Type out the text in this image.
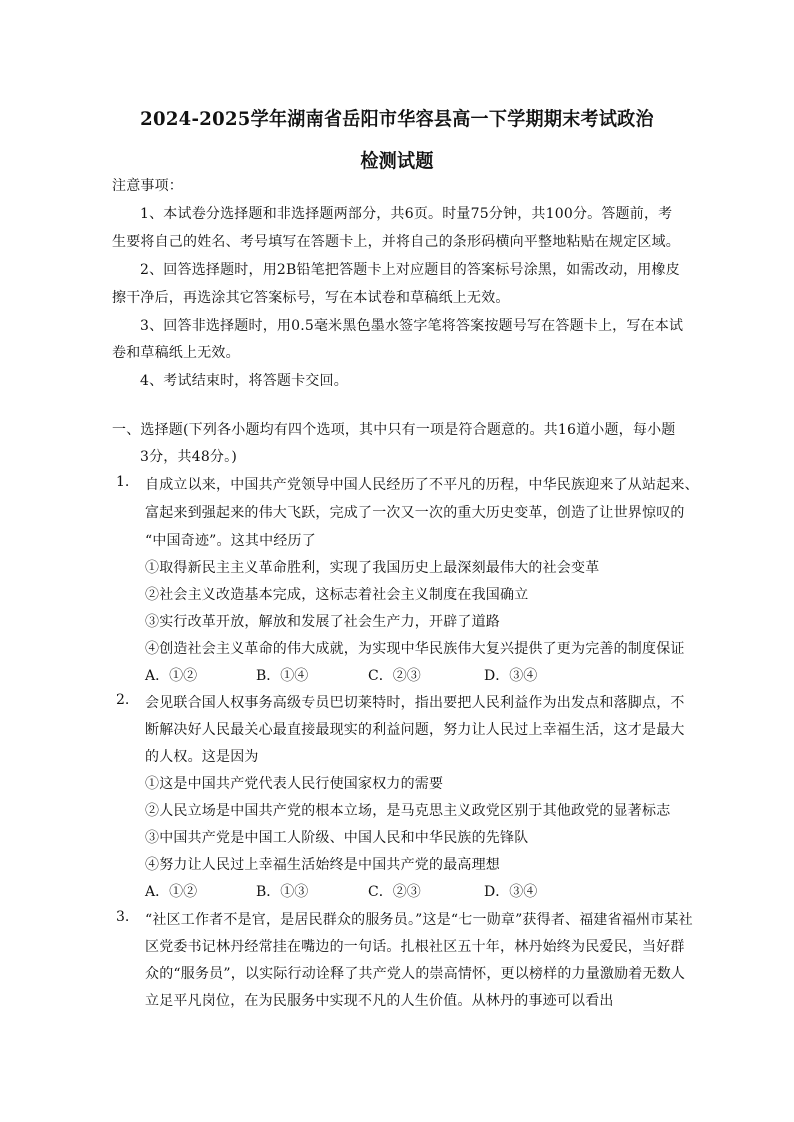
2024-2025学年湖南省岳阳市华容县高一下学期期末考试政治
检测试题
注意事项：
1、本试卷分选择题和非选择题两部分，共6页。时量75分钟，共100分。答题前，考
生要将自己的姓名、考号填写在答题卡上，并将自己的条形码横向平整地粘贴在规定区域。
2、回答选择题时，用2B铅笔把答题卡上对应题目的答案标号涂黑，如需改动，用橡皮
擦干净后，再选涂其它答案标号，写在本试卷和草稿纸上无效。
3、回答非选择题时，用0.5毫米黑色墨水签字笔将答案按题号写在答题卡上，写在本试
卷和草稿纸上无效。
4、考试结束时，将答题卡交回。
一、选择题(下列各小题均有四个选项，其中只有一项是符合题意的。共16道小题，每小题
3分，共48分。)
1. 自成立以来，中国共产党领导中国人民经历了不平凡的历程，中华民族迎来了从站起来、
富起来到强起来的伟大飞跃，完成了一次又一次的重大历史变革，创造了让世界惊叹的
“中国奇迹”。这其中经历了
①取得新民主主义革命胜利，实现了我国历史上最深刻最伟大的社会变革
②社会主义改造基本完成，这标志着社会主义制度在我国确立
③实行改革开放，解放和发展了社会生产力，开辟了道路
④创造社会主义革命的伟大成就，为实现中华民族伟大复兴提供了更为完善的制度保证
A．①②	B．①④	C．②③	D．③④
2. 会见联合国人权事务高级专员巴切莱特时，指出要把人民利益作为出发点和落脚点，不
断解决好人民最关心最直接最现实的利益问题，努力让人民过上幸福生活，这才是最大
的人权。这是因为
①这是中国共产党代表人民行使国家权力的需要
②人民立场是中国共产党的根本立场，是马克思主义政党区别于其他政党的显著标志
③中国共产党是中国工人阶级、中国人民和中华民族的先锋队
④努力让人民过上幸福生活始终是中国共产党的最高理想
A．①②	B．①③	C．②③	D．③④
3. “社区工作者不是官，是居民群众的服务员。”这是“七一勋章”获得者、福建省福州市某社
区党委书记林丹经常挂在嘴边的一句话。扎根社区五十年，林丹始终为民爱民，当好群
众的“服务员”，以实际行动诠释了共产党人的崇高情怀，更以榜样的力量激励着无数人
立足平凡岗位，在为民服务中实现不凡的人生价值。从林丹的事迹可以看出
